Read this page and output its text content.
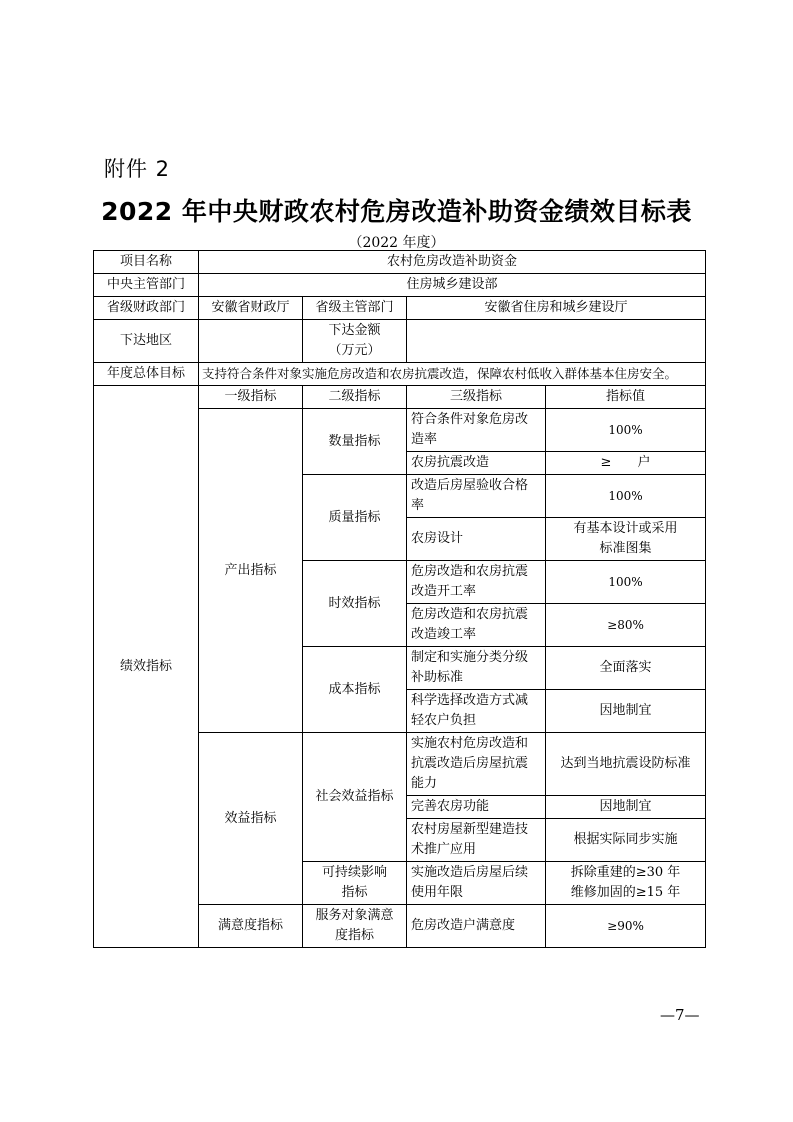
附件 2
2022 年中央财政农村危房改造补助资金绩效目标表
（2022 年度）
项目名称	农村危房改造补助资金			
中央主管部门	住房城乡建设部			
省级财政部门	安徽省财政厅	省级主管部门	安徽省住房和城乡建设厅	
下达地区		下达金额
（万元）		
年度总体目标	支持符合条件对象实施危房改造和农房抗震改造，保障农村低收入群体基本住房安全。			
绩效指标	一级指标	二级指标	三级指标	指标值
	产出指标	数量指标	符合条件对象危房改
造率	100%
			农房抗震改造	≥　　户
		质量指标	改造后房屋验收合格
率	100%
			农房设计	有基本设计或采用
标准图集
		时效指标	危房改造和农房抗震
改造开工率	100%
			危房改造和农房抗震
改造竣工率	≥80%
		成本指标	制定和实施分类分级
补助标准	全面落实
			科学选择改造方式减
轻农户负担	因地制宜
	效益指标	社会效益指标	实施农村危房改造和
抗震改造后房屋抗震
能力	达到当地抗震设防标准
			完善农房功能	因地制宜
			农村房屋新型建造技
术推广应用	根据实际同步实施
		可持续影响
指标	实施改造后房屋后续
使用年限	拆除重建的≥30 年
维修加固的≥15 年
	满意度指标	服务对象满意
度指标	危房改造户满意度	≥90%
—7—
